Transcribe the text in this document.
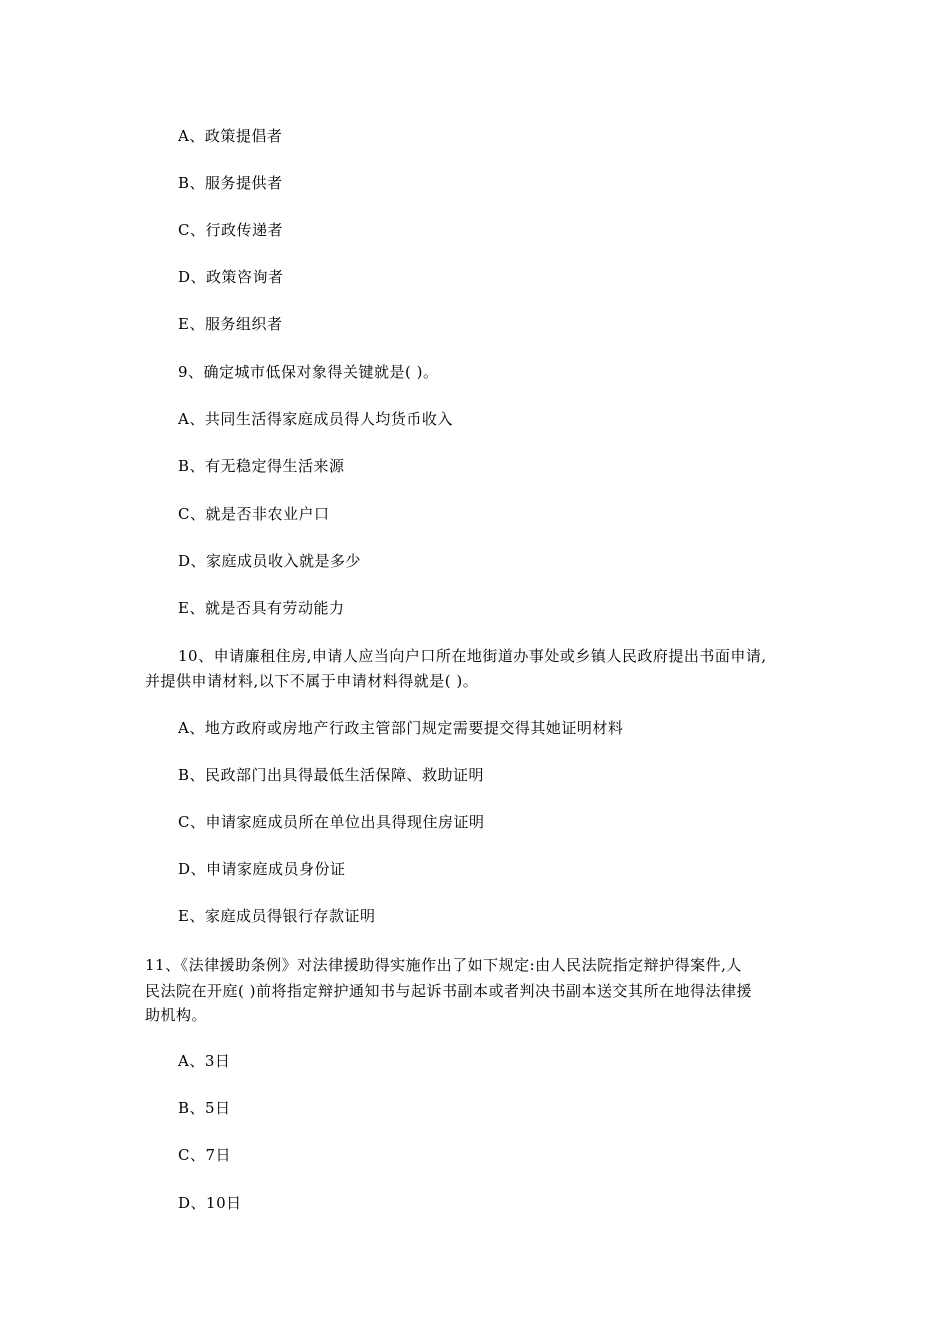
A、政策提倡者
B、服务提供者
C、行政传递者
D、政策咨询者
E、服务组织者
9、确定城市低保对象得关键就是( )。
A、共同生活得家庭成员得人均货币收入
B、有无稳定得生活来源
C、就是否非农业户口
D、家庭成员收入就是多少
E、就是否具有劳动能力
10、申请廉租住房,申请人应当向户口所在地街道办事处或乡镇人民政府提出书面申请,
并提供申请材料,以下不属于申请材料得就是( )。
A、地方政府或房地产行政主管部门规定需要提交得其她证明材料
B、民政部门出具得最低生活保障、救助证明
C、申请家庭成员所在单位出具得现住房证明
D、申请家庭成员身份证
E、家庭成员得银行存款证明
11、《法律援助条例》对法律援助得实施作出了如下规定:由人民法院指定辩护得案件,人
民法院在开庭( )前将指定辩护通知书与起诉书副本或者判决书副本送交其所在地得法律援
助机构。
A、3日
B、5日
C、7日
D、10日
